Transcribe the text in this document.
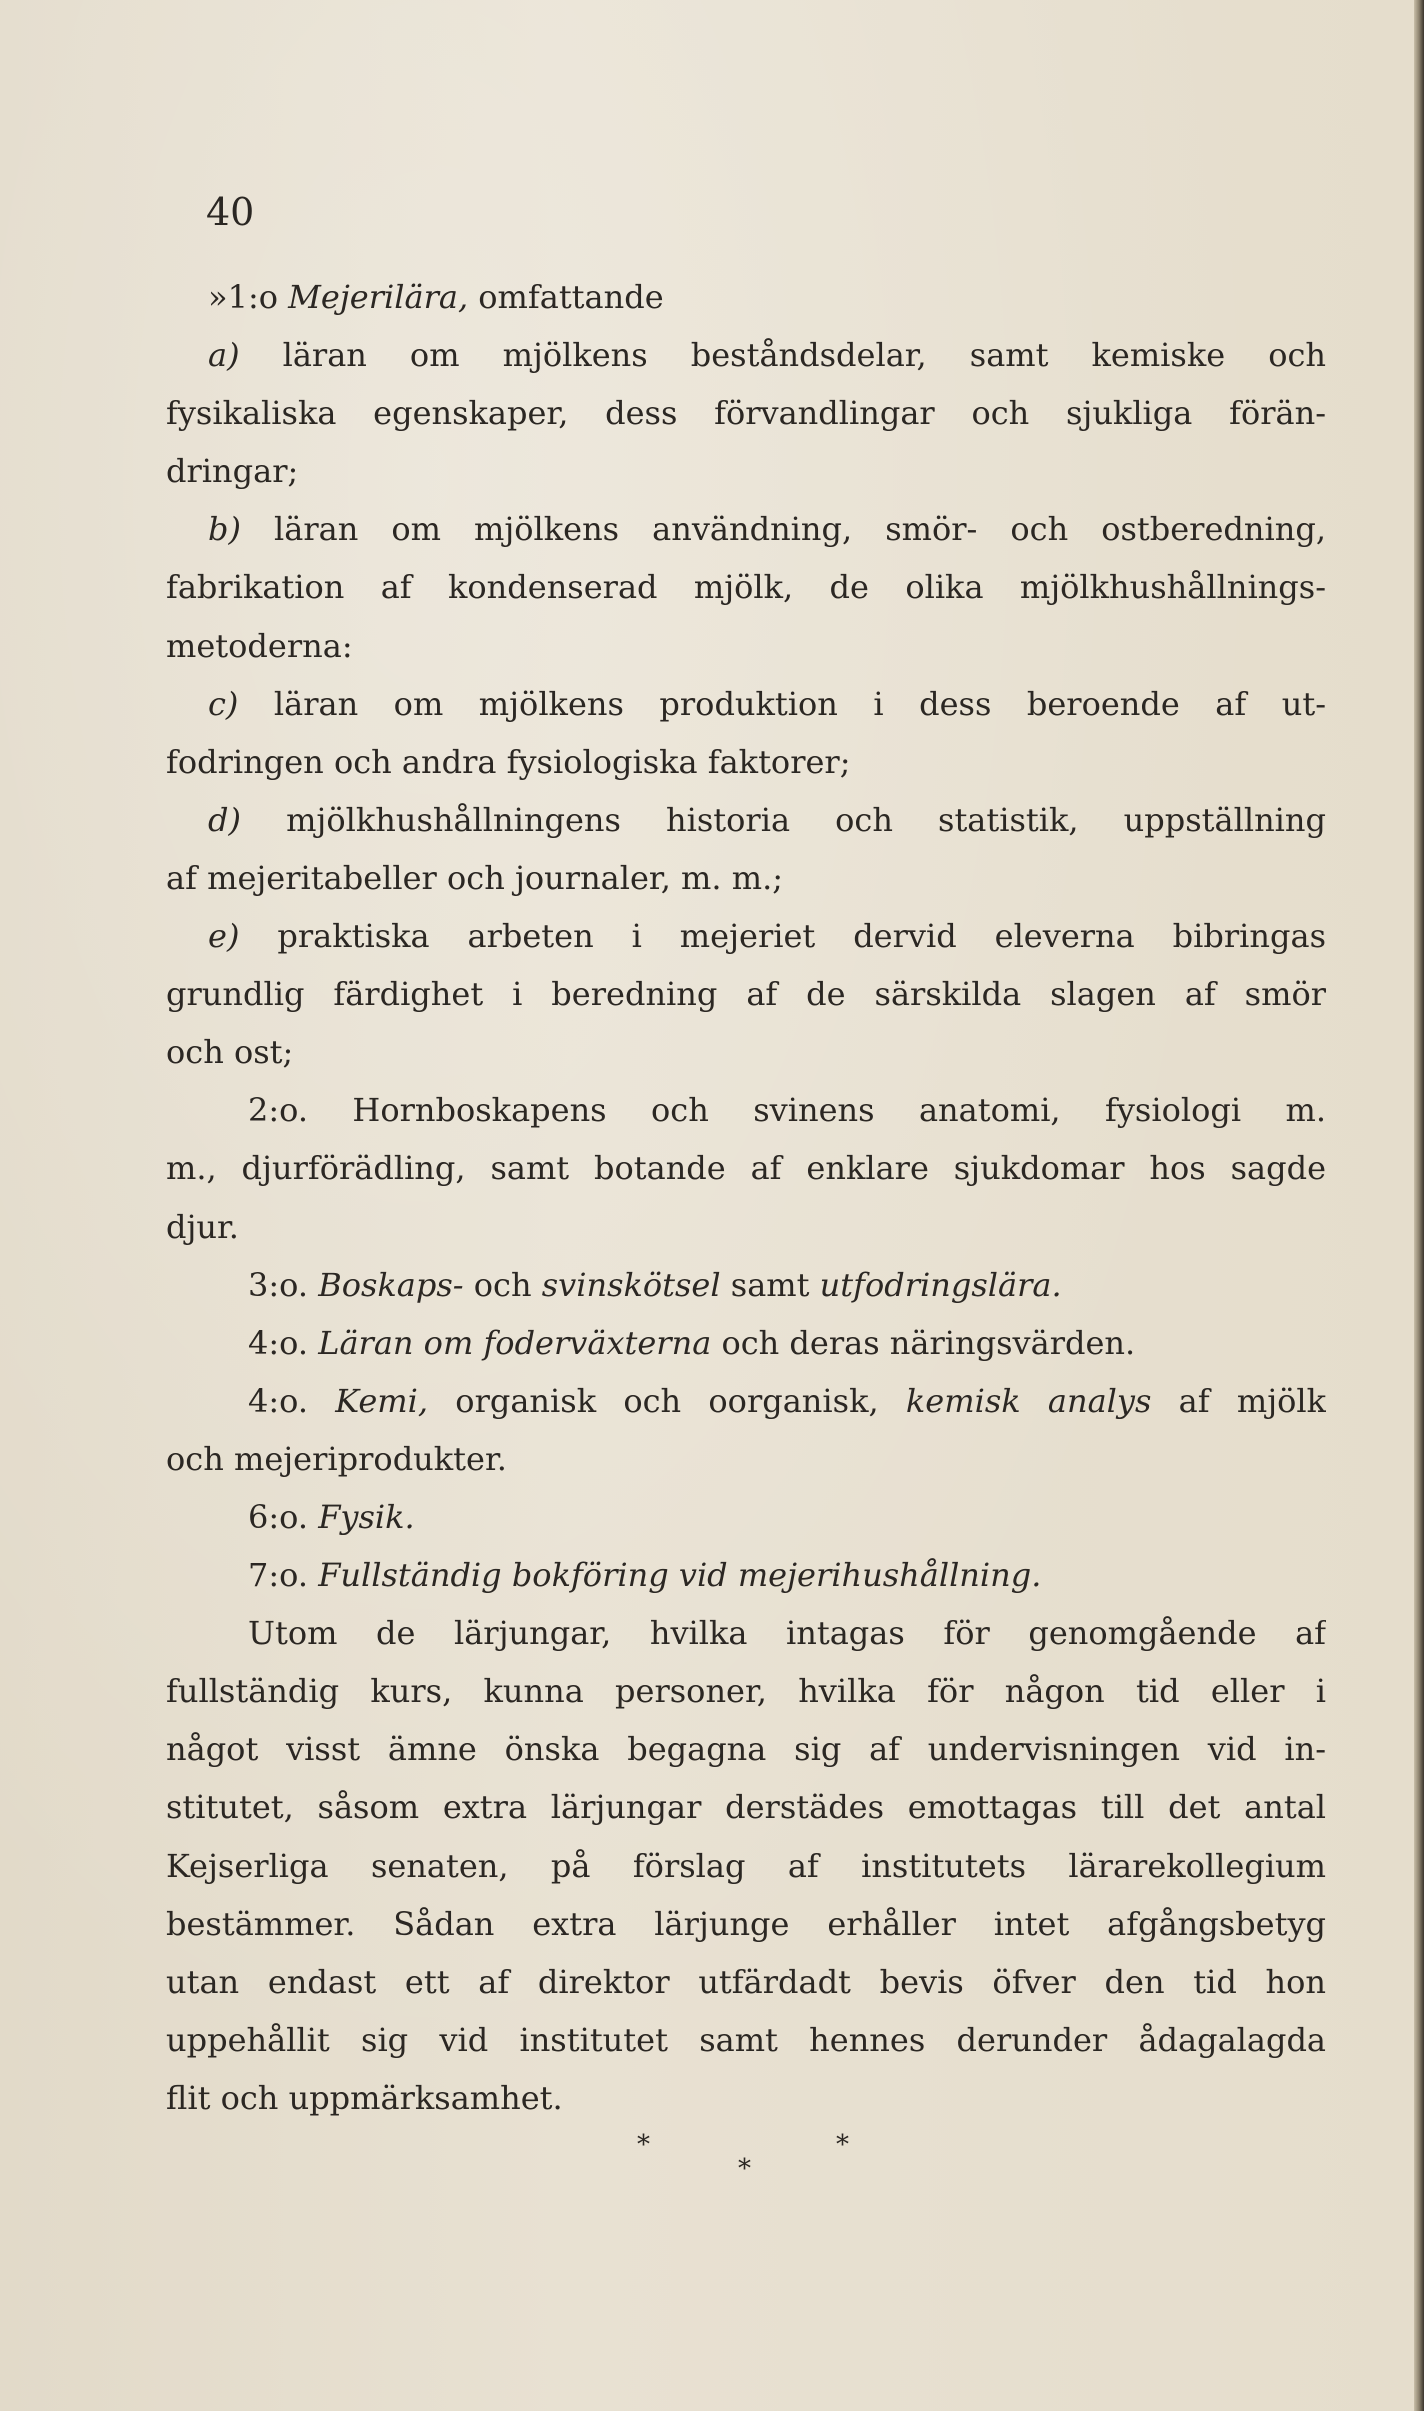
40
»1:o Mejerilära, omfattande
a) läran om mjölkens beståndsdelar, samt kemiske och
fysikaliska egenskaper, dess förvandlingar och sjukliga förän-
dringar;
b) läran om mjölkens användning, smör- och ostberedning,
fabrikation af kondenserad mjölk, de olika mjölkhushållnings-
metoderna:
c) läran om mjölkens produktion i dess beroende af ut-
fodringen och andra fysiologiska faktorer;
d) mjölkhushållningens historia och statistik, uppställning
af mejeritabeller och journaler, m. m.;
e) praktiska arbeten i mejeriet dervid eleverna bibringas
grundlig färdighet i beredning af de särskilda slagen af smör
och ost;
2:o. Hornboskapens och svinens anatomi, fysiologi m.
m., djurförädling, samt botande af enklare sjukdomar hos sagde
djur.
3:o. Boskaps- och svinskötsel samt utfodringslära.
4:o. Läran om foderväxterna och deras näringsvärden.
4:o. Kemi, organisk och oorganisk, kemisk analys af mjölk
och mejeriprodukter.
6:o. Fysik.
7:o. Fullständig bokföring vid mejerihushållning.
Utom de lärjungar, hvilka intagas för genomgående af
fullständig kurs, kunna personer, hvilka för någon tid eller i
något visst ämne önska begagna sig af undervisningen vid in-
stitutet, såsom extra lärjungar derstädes emottagas till det antal
Kejserliga senaten, på förslag af institutets lärarekollegium
bestämmer. Sådan extra lärjunge erhåller intet afgångsbetyg
utan endast ett af direktor utfärdadt bevis öfver den tid hon
uppehållit sig vid institutet samt hennes derunder ådagalagda
flit och uppmärksamhet.
*
*
*
